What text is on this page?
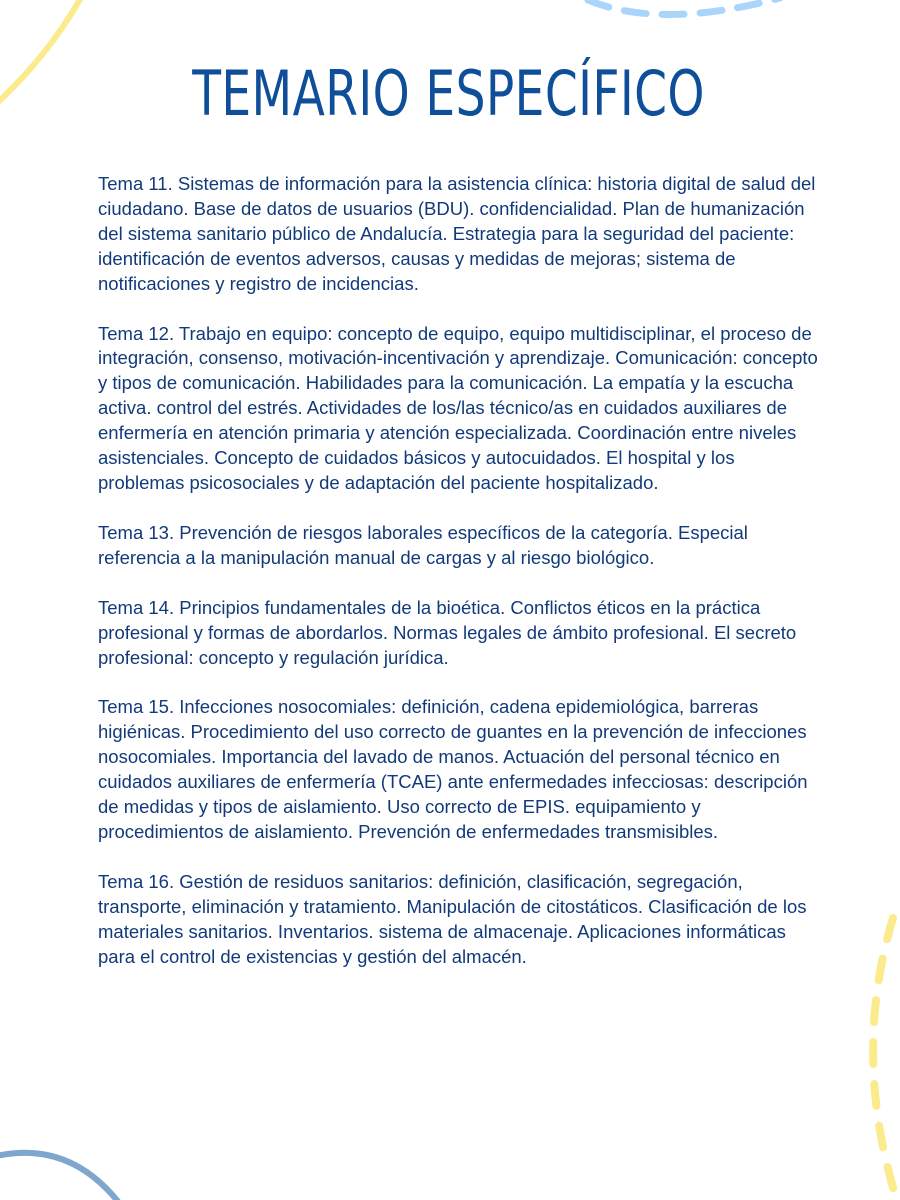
TEMARIO ESPECÍFICO

Tema 11. Sistemas de información para la asistencia clínica: historia digital de salud del ciudadano. Base de datos de usuarios (BDU). confidencialidad. Plan de humanización del sistema sanitario público de Andalucía. Estrategia para la seguridad del paciente: identificación de eventos adversos, causas y medidas de mejoras; sistema de notificaciones y registro de incidencias.

Tema 12. Trabajo en equipo: concepto de equipo, equipo multidisciplinar, el proceso de integración, consenso, motivación-incentivación y aprendizaje. Comunicación: concepto y tipos de comunicación. Habilidades para la comunicación. La empatía y la escucha activa. control del estrés. Actividades de los/las técnico/as en cuidados auxiliares de enfermería en atención primaria y atención especializada. Coordinación entre niveles asistenciales. Concepto de cuidados básicos y autocuidados. El hospital y los problemas psicosociales y de adaptación del paciente hospitalizado.

Tema 13. Prevención de riesgos laborales específicos de la categoría. Especial referencia a la manipulación manual de cargas y al riesgo biológico.

Tema 14. Principios fundamentales de la bioética. Conflictos éticos en la práctica profesional y formas de abordarlos. Normas legales de ámbito profesional. El secreto profesional: concepto y regulación jurídica.

Tema 15. Infecciones nosocomiales: definición, cadena epidemiológica, barreras higiénicas. Procedimiento del uso correcto de guantes en la prevención de infecciones nosocomiales. Importancia del lavado de manos. Actuación del personal técnico en cuidados auxiliares de enfermería (TCAE) ante enfermedades infecciosas: descripción de medidas y tipos de aislamiento. Uso correcto de EPIS. equipamiento y procedimientos de aislamiento. Prevención de enfermedades transmisibles.

Tema 16. Gestión de residuos sanitarios: definición, clasificación, segregación, transporte, eliminación y tratamiento. Manipulación de citostáticos. Clasificación de los materiales sanitarios. Inventarios. sistema de almacenaje. Aplicaciones informáticas para el control de existencias y gestión del almacén.
